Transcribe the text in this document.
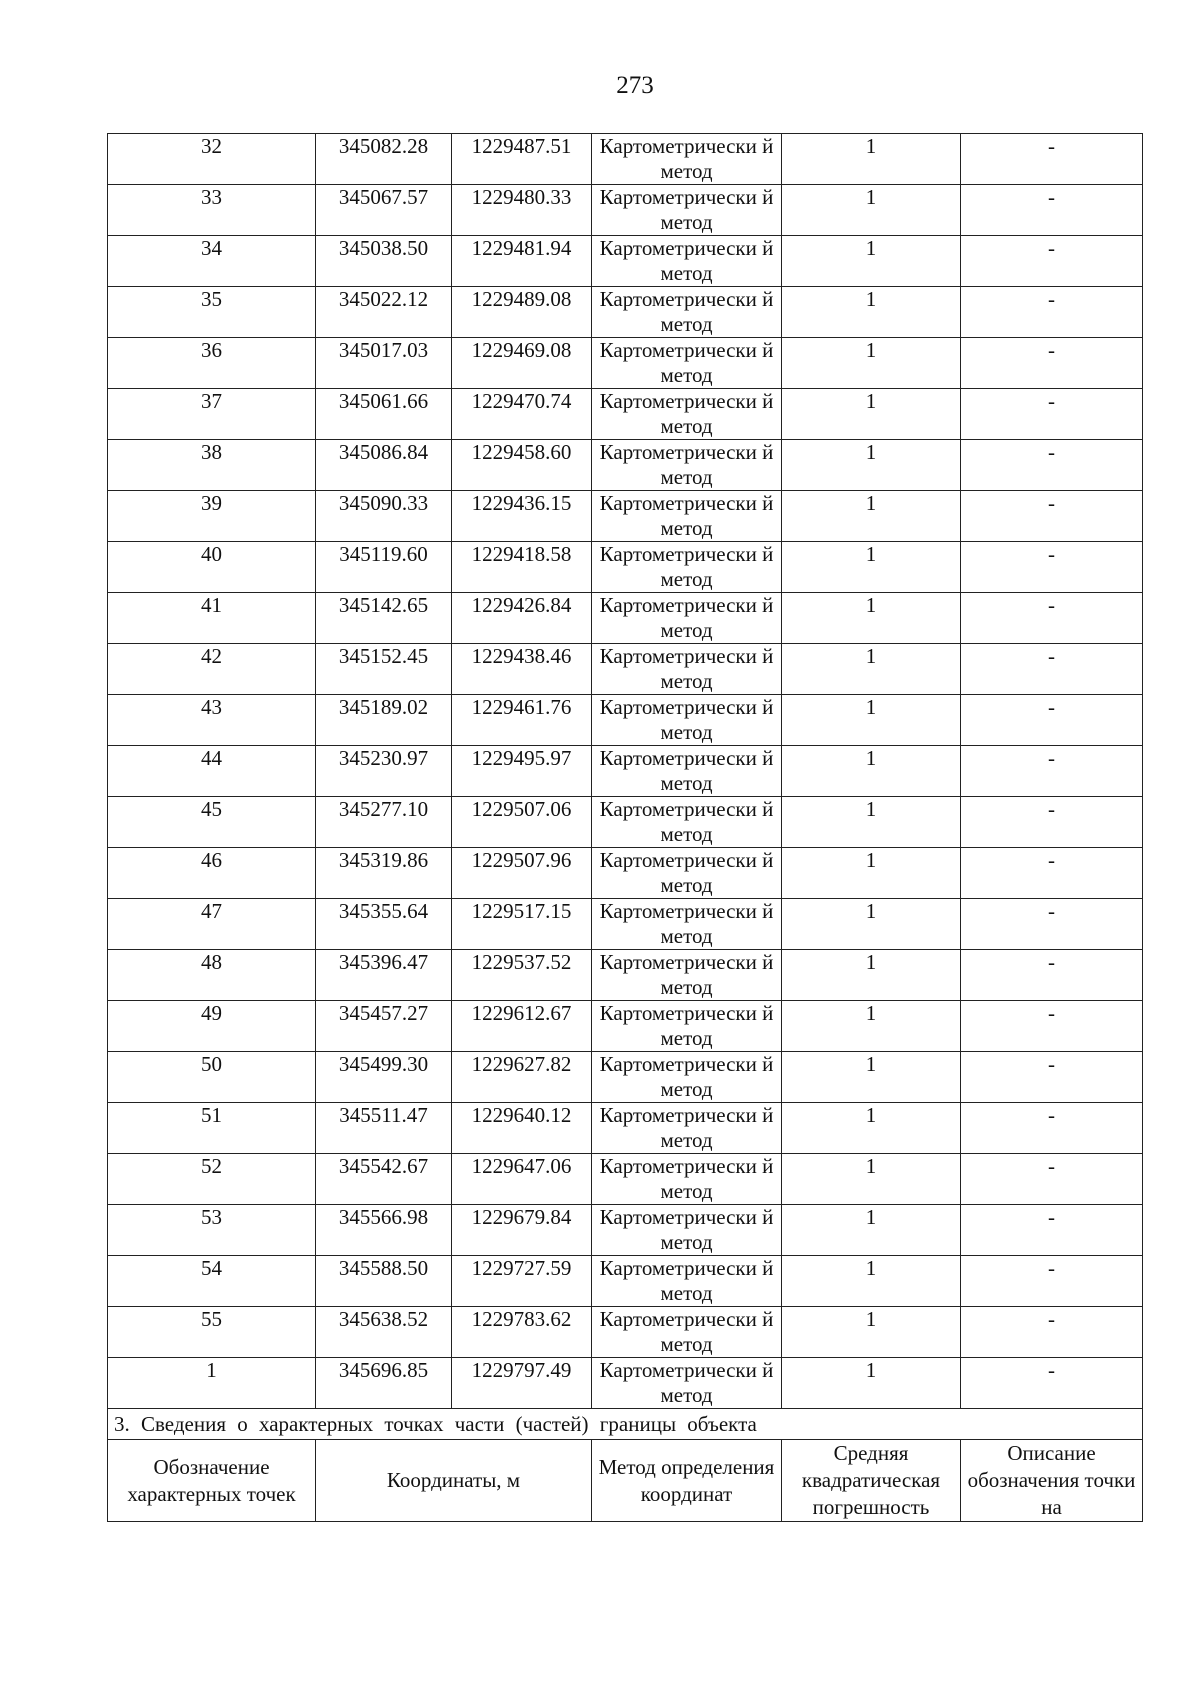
273
32	345082.28	1229487.51	Картометрически й метод	1	-
33	345067.57	1229480.33	Картометрически й метод	1	-
34	345038.50	1229481.94	Картометрически й метод	1	-
35	345022.12	1229489.08	Картометрически й метод	1	-
36	345017.03	1229469.08	Картометрически й метод	1	-
37	345061.66	1229470.74	Картометрически й метод	1	-
38	345086.84	1229458.60	Картометрически й метод	1	-
39	345090.33	1229436.15	Картометрически й метод	1	-
40	345119.60	1229418.58	Картометрически й метод	1	-
41	345142.65	1229426.84	Картометрически й метод	1	-
42	345152.45	1229438.46	Картометрически й метод	1	-
43	345189.02	1229461.76	Картометрически й метод	1	-
44	345230.97	1229495.97	Картометрически й метод	1	-
45	345277.10	1229507.06	Картометрически й метод	1	-
46	345319.86	1229507.96	Картометрически й метод	1	-
47	345355.64	1229517.15	Картометрически й метод	1	-
48	345396.47	1229537.52	Картометрически й метод	1	-
49	345457.27	1229612.67	Картометрически й метод	1	-
50	345499.30	1229627.82	Картометрически й метод	1	-
51	345511.47	1229640.12	Картометрически й метод	1	-
52	345542.67	1229647.06	Картометрически й метод	1	-
53	345566.98	1229679.84	Картометрически й метод	1	-
54	345588.50	1229727.59	Картометрически й метод	1	-
55	345638.52	1229783.62	Картометрически й метод	1	-
1	345696.85	1229797.49	Картометрически й метод	1	-
3. Сведения о характерных точках части (частей) границы объекта					
Обозначение характерных точек	Координаты, м		Метод определения координат	Средняя квадратическая погрешность	Описание обозначения точки на
